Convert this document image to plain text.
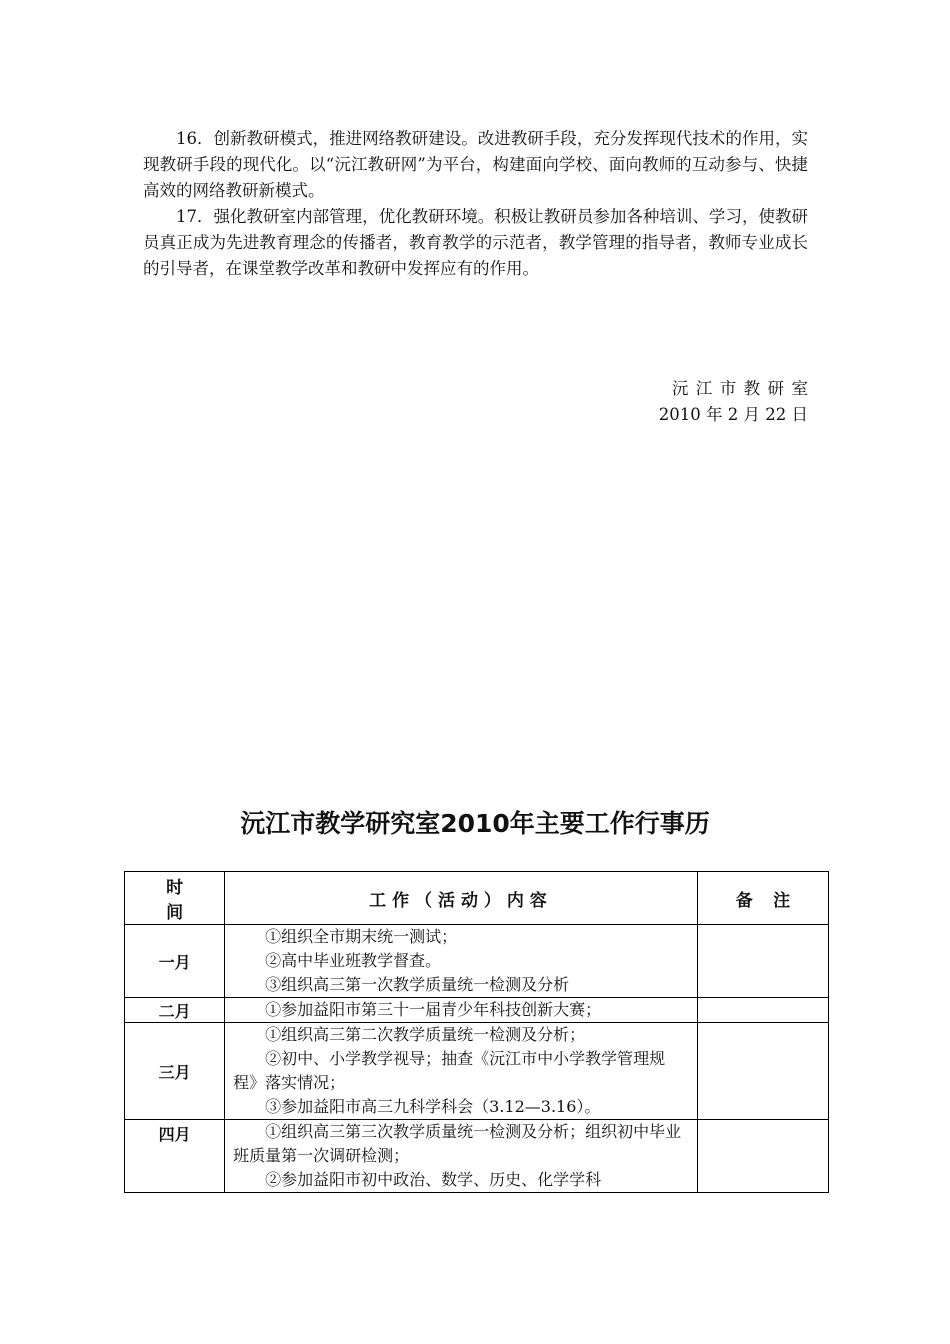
16．创新教研模式，推进网络教研建设。改进教研手段，充分发挥现代技术的作用，实现教研手段的现代化。以“沅江教研网”为平台，构建面向学校、面向教师的互动参与、快捷高效的网络教研新模式。

17．强化教研室内部管理，优化教研环境。积极让教研员参加各种培训、学习，使教研员真正成为先进教育理念的传播者，教育教学的示范者，教学管理的指导者，教师专业成长的引导者，在课堂教学改革和教研中发挥应有的作用。

沅江市教研室
2010 年 2 月 22 日
沅江市教学研究室2010年主要工作行事历
时间	工作（活动）内容	备注
一月	①组织全市期末统一测试；

②高中毕业班教学督查。

③组织高三第一次教学质量统一检测及分析	

二月	①参加益阳市第三十一届青少年科技创新大赛；	

三月	①组织高三第二次教学质量统一检测及分析；

②初中、小学教学视导；抽查《沅江市中小学教学管理规程》落实情况；

③参加益阳市高三九科学科会（3.12—3.16）。	

四月	①组织高三第三次教学质量统一检测及分析；组织初中毕业班质量第一次调研检测；

②参加益阳市初中政治、数学、历史、化学学科	
